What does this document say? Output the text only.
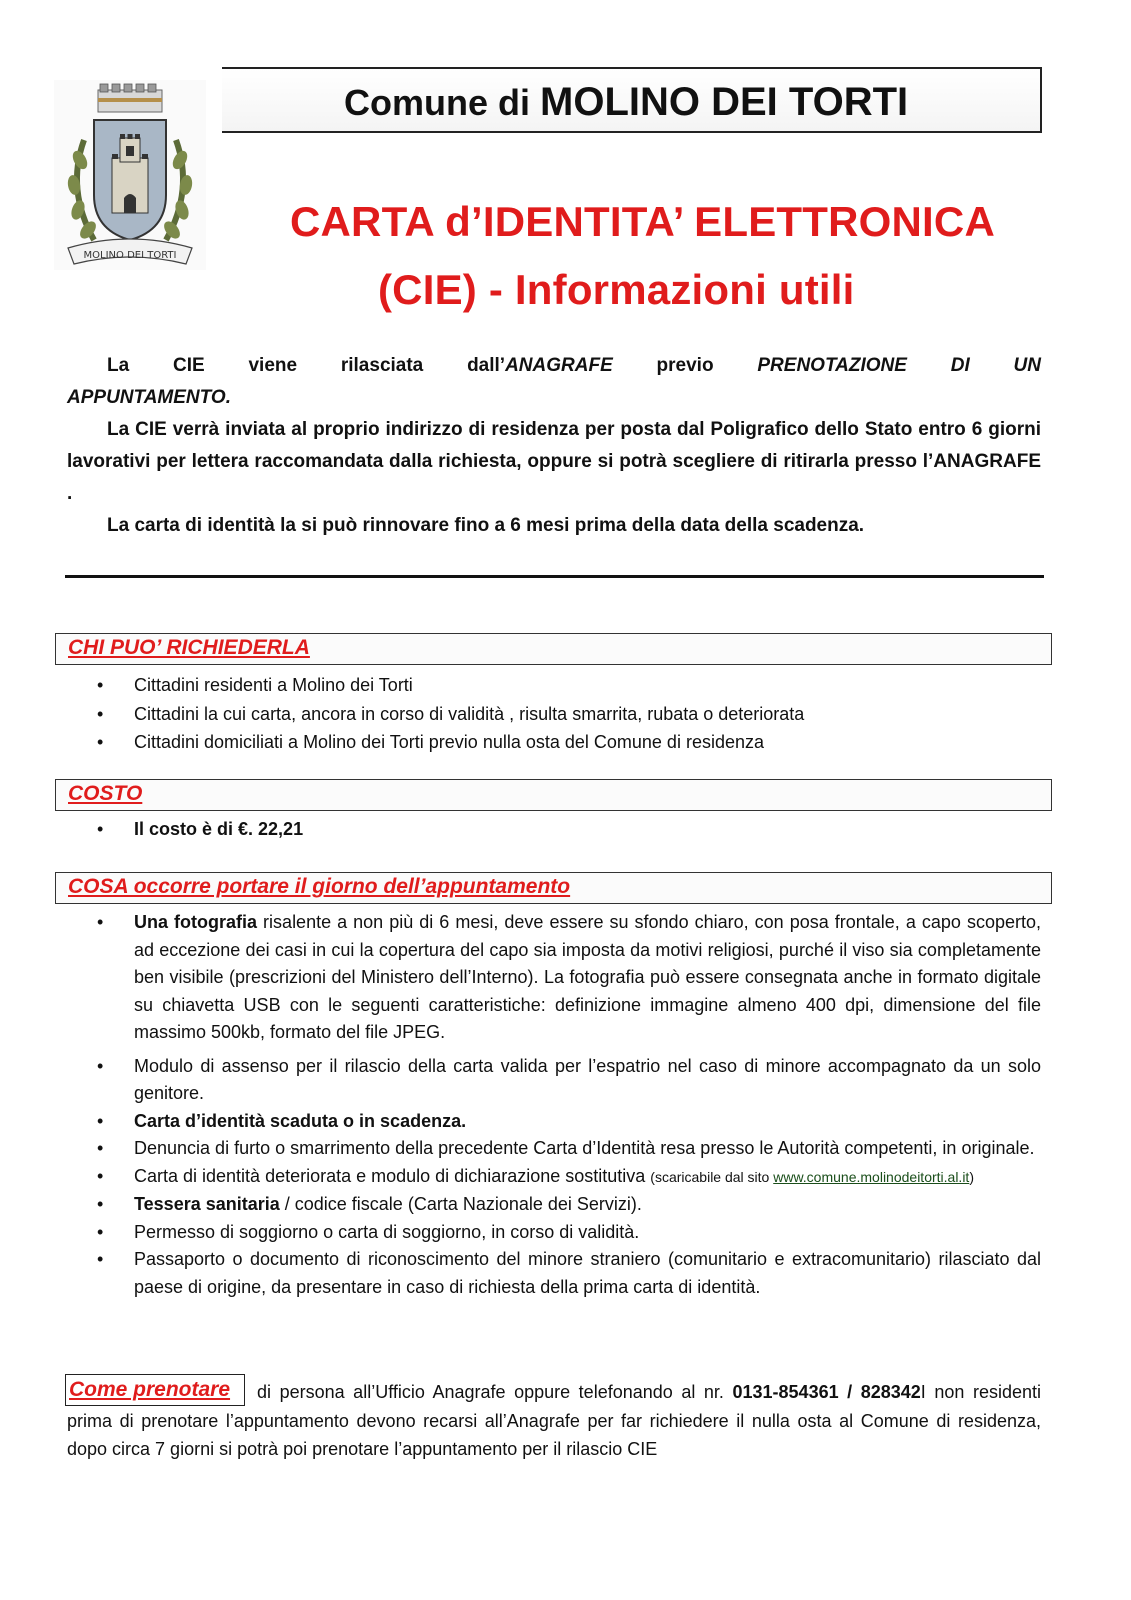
MOLINO DEI TORTI
Comune di MOLINO DEI TORTI
CARTA d’IDENTITA’ ELETTRONICA
(CIE) - Informazioni utili
La CIE viene rilasciata dall’ANAGRAFE previo PRENOTAZIONE DI UN
APPUNTAMENTO.

La CIE verrà inviata al proprio indirizzo di residenza per posta dal Poligrafico dello Stato entro 6 giorni lavorativi per lettera raccomandata dalla richiesta, oppure si potrà scegliere di ritirarla presso l’ANAGRAFE .

La carta di identità la si può rinnovare fino a 6 mesi prima della data della scadenza.

CHI PUO’ RICHIEDERLA
• Cittadini residenti a Molino dei Torti
• Cittadini la cui carta, ancora in corso di validità , risulta smarrita, rubata o deteriorata
• Cittadini domiciliati a Molino dei Torti previo nulla osta del Comune di residenza
COSTO
• Il costo è di €. 22,21
COSA occorre portare il giorno dell’appuntamento
• Una fotografia risalente a non più di 6 mesi, deve essere su sfondo chiaro, con posa frontale, a capo scoperto, ad eccezione dei casi in cui la copertura del capo sia imposta da motivi religiosi, purché il viso sia completamente ben visibile (prescrizioni del Ministero dell’Interno). La fotografia può essere consegnata anche in formato digitale su chiavetta USB con le seguenti caratteristiche: definizione immagine almeno 400 dpi, dimensione del file massimo 500kb, formato del file JPEG.
• Modulo di assenso per il rilascio della carta valida per l’espatrio nel caso di minore accompagnato da un solo genitore.
• Carta d’identità scaduta o in scadenza.
• Denuncia di furto o smarrimento della precedente Carta d’Identità resa presso le Autorità competenti, in originale.
• Carta di identità deteriorata e modulo di dichiarazione sostitutiva (scaricabile dal sito www.comune.molinodeitorti.al.it)
• Tessera sanitaria / codice fiscale (Carta Nazionale dei Servizi).
• Permesso di soggiorno o carta di soggiorno, in corso di validità.
• Passaporto o documento di riconoscimento del minore straniero (comunitario e extracomunitario) rilasciato dal paese di origine, da presentare in caso di richiesta della prima carta di identità.
Come prenotare	di persona all’Ufficio Anagrafe oppure telefonando al nr. 0131-854361 / 828342I non residenti prima di prenotare l’appuntamento devono recarsi all’Anagrafe per far richiedere il nulla osta al Comune di residenza, dopo circa 7 giorni si potrà poi prenotare l’appuntamento per il rilascio CIE
